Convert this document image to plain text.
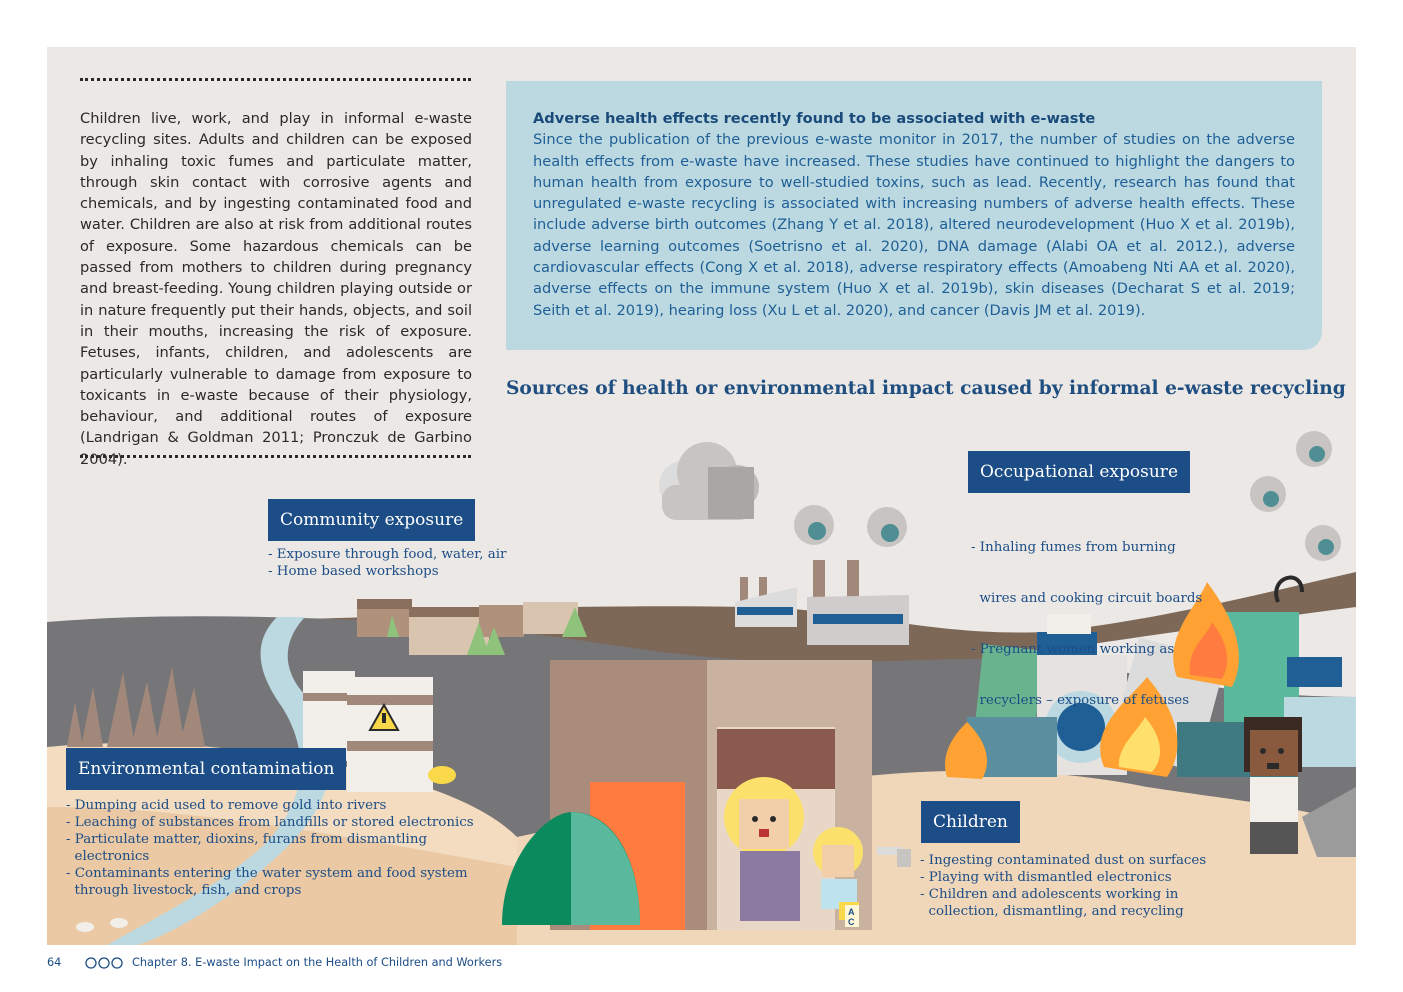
A
C
Children live, work, and play in informal e-waste recycling sites. Adults and children can be exposed by inhaling toxic fumes and particulate matter, through skin contact with corrosive agents and chemicals, and by ingesting contaminated food and water. Children are also at risk from additional routes of exposure. Some hazardous chemicals can be passed from mothers to children during pregnancy and breast-feeding. Young children playing outside or in nature frequently put their hands, objects, and soil in their mouths, increasing the risk of exposure. Fetuses, infants, children, and adolescents are particularly vulnerable to damage from exposure to toxicants in e-waste because of their physiology, behaviour, and additional routes of exposure (Landrigan & Goldman 2011; Pronczuk de Garbino 2004).
Adverse health effects recently found to be associated with e-waste
Since the publication of the previous e-waste monitor in 2017, the number of studies on the adverse health effects from e-waste have increased. These studies have continued to highlight the dangers to human health from exposure to well-studied toxins, such as lead. Recently, research has found that unregulated e-waste recycling is associated with increasing numbers of adverse health effects. These include adverse birth outcomes (Zhang Y et al. 2018), altered neurodevelopment (Huo X et al. 2019b), adverse learning outcomes (Soetrisno et al. 2020), DNA damage (Alabi OA et al. 2012.), adverse cardiovascular effects (Cong X et al. 2018), adverse respiratory effects (Amoabeng Nti AA et al. 2020), adverse effects on the immune system (Huo X et al. 2019b), skin diseases (Decharat S et al. 2019; Seith et al. 2019), hearing loss (Xu L et al. 2020), and cancer (Davis JM et al. 2019).
Sources of health or environmental impact caused by informal e-waste recycling
Community exposure
- Exposure through food, water, air
- Home based workshops
Occupational exposure

- Inhaling fumes from burning

wires and cooking circuit boards

- Pregnant women working as

recyclers – exposure of fetuses

Environmental contamination
- Dumping acid used to remove gold into rivers
- Leaching of substances from landfills or stored electronics
- Particulate matter, dioxins, furans from dismantling
electronics
- Contaminants entering the water system and food system
through livestock, fish, and crops
Children
- Ingesting contaminated dust on surfaces
- Playing with dismantled electronics
- Children and adolescents working in
collection, dismantling, and recycling
64	Chapter 8. E-waste Impact on the Health of Children and Workers
